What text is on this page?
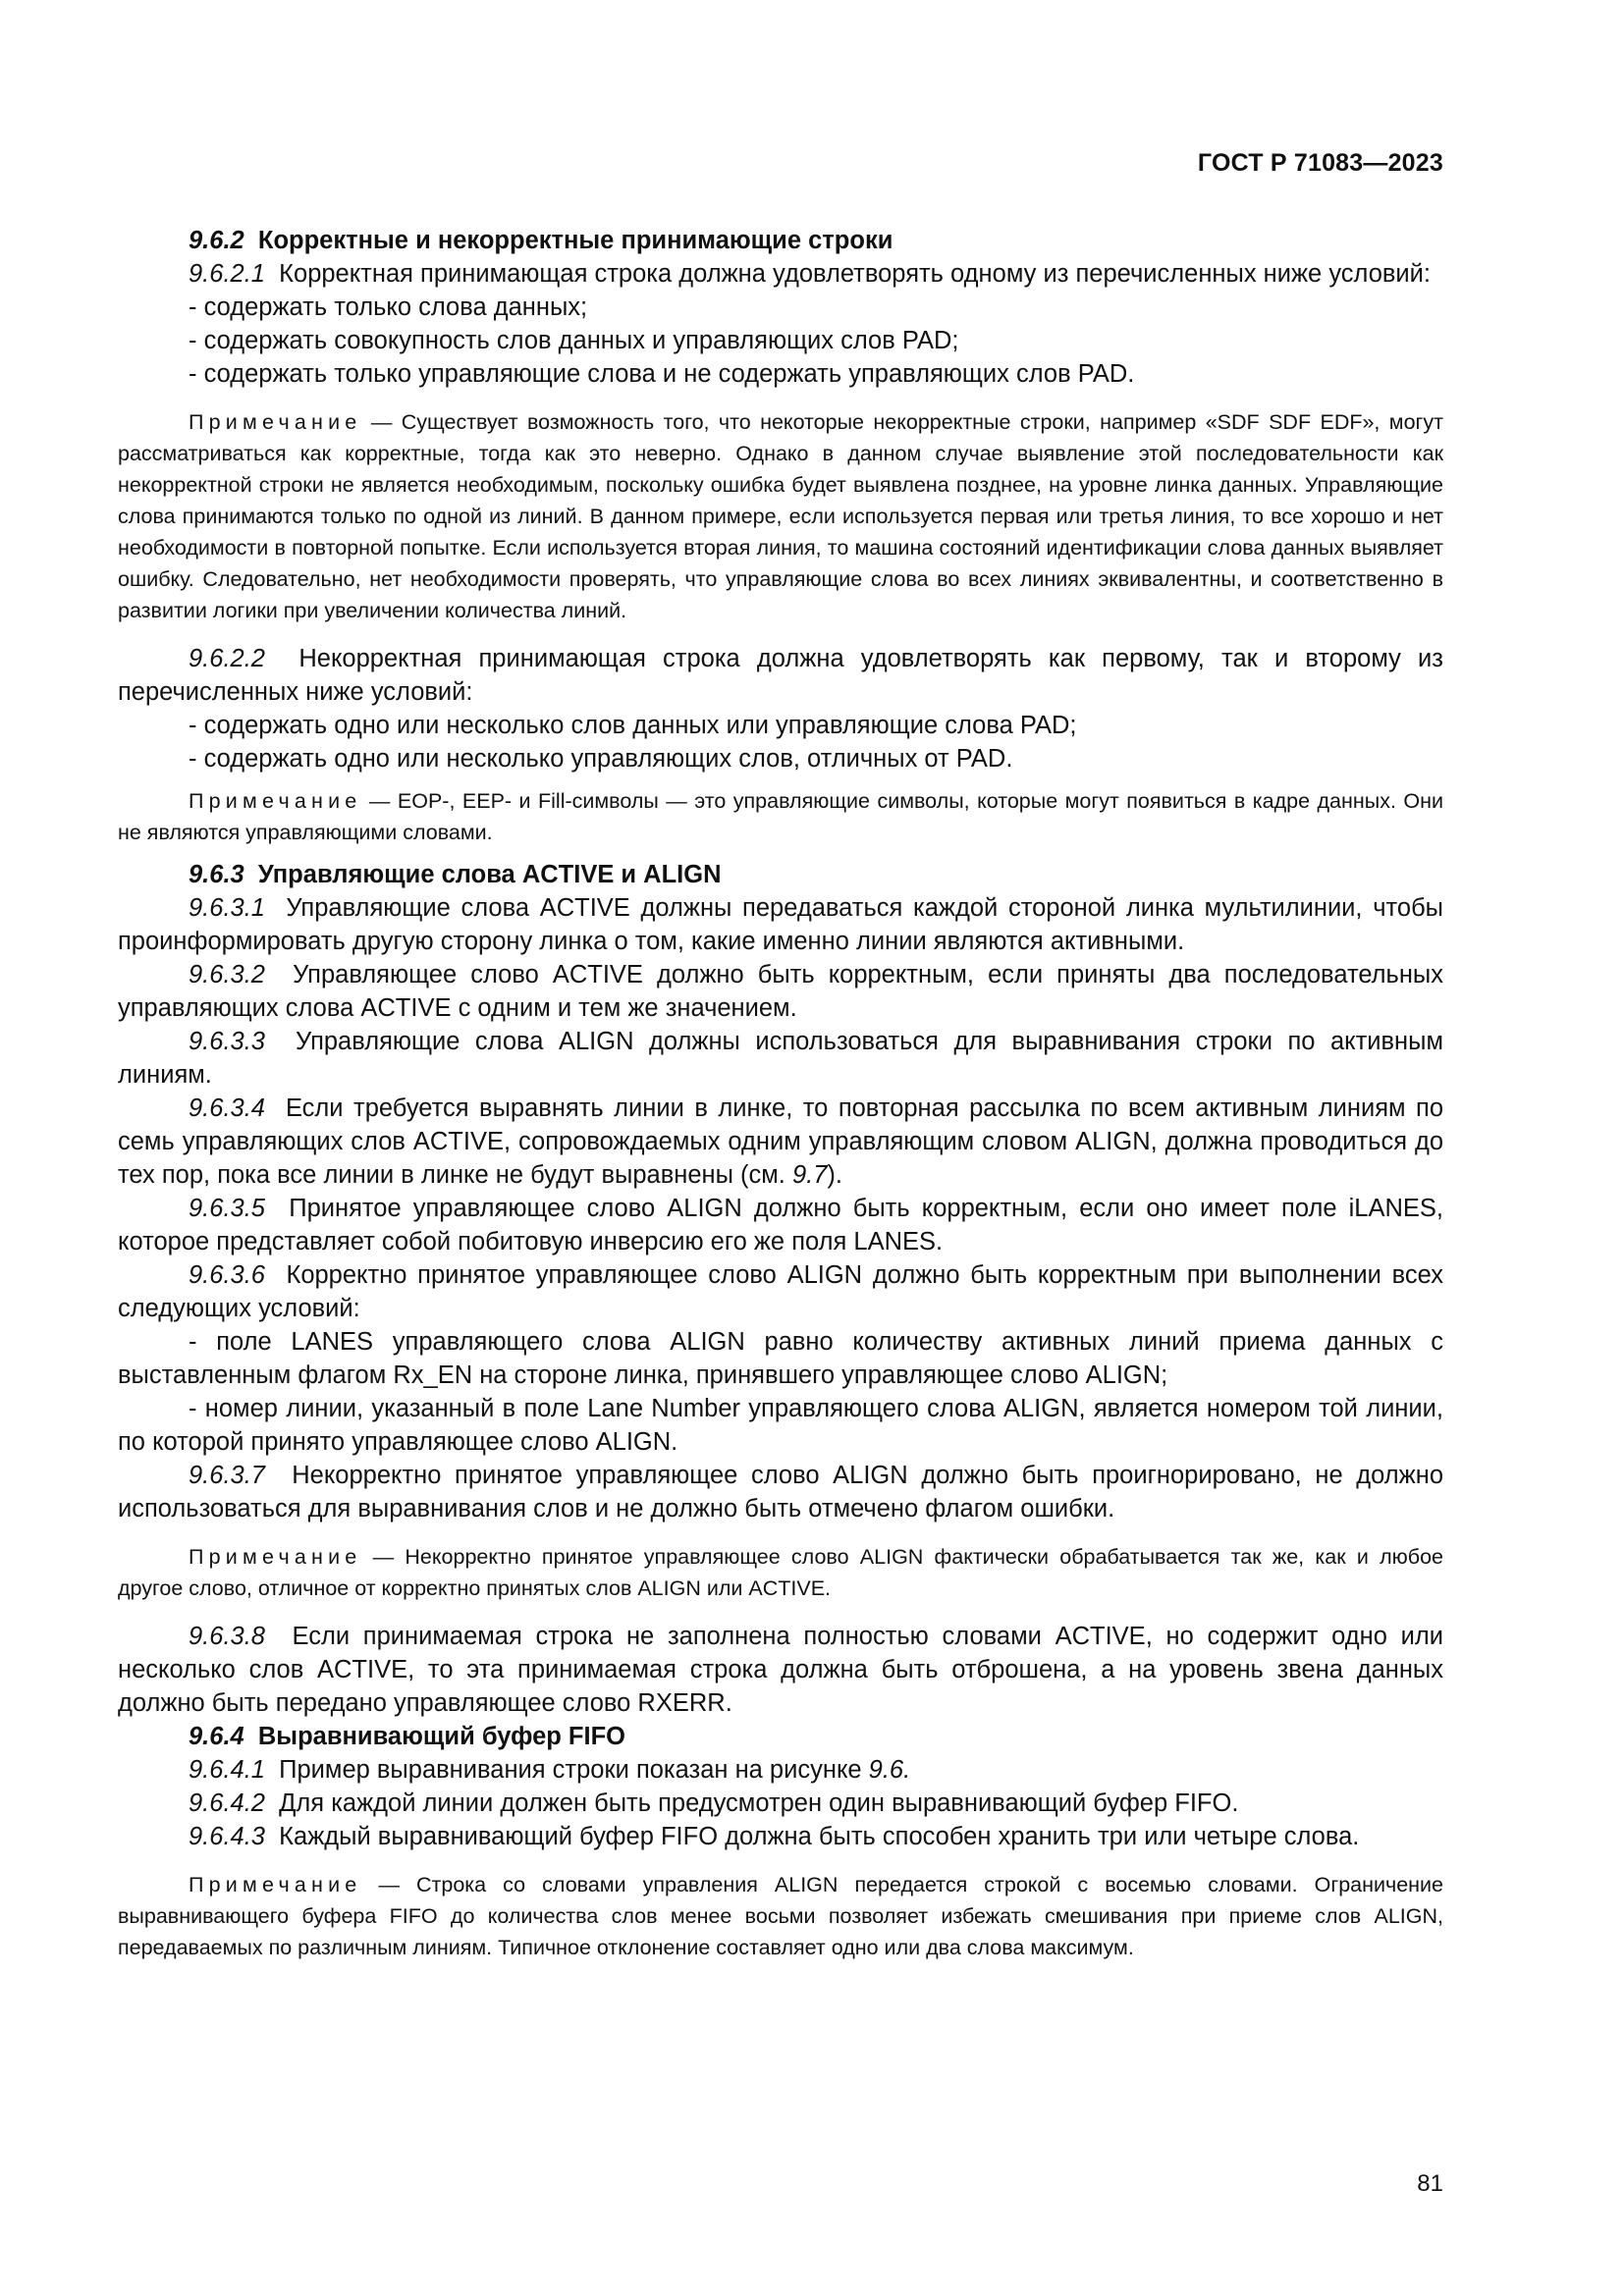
ГОСТ Р 71083—2023

9.6.2 Корректные и некорректные принимающие строки

9.6.2.1 Корректная принимающая строка должна удовлетворять одному из перечисленных ниже условий:

- содержать только слова данных;

- содержать совокупность слов данных и управляющих слов PAD;

- содержать только управляющие слова и не содержать управляющих слов PAD.

Примечание — Существует возможность того, что некоторые некорректные строки, например «SDF SDF EDF», могут рассматриваться как корректные, тогда как это неверно. Однако в данном случае выявление этой последовательности как некорректной строки не является необходимым, поскольку ошибка будет выявлена позднее, на уровне линка данных. Управляющие слова принимаются только по одной из линий. В данном примере, если используется первая или третья линия, то все хорошо и нет необходимости в повторной попытке. Если используется вторая линия, то машина состояний идентификации слова данных выявляет ошибку. Следовательно, нет необходимости проверять, что управляющие слова во всех линиях эквивалентны, и соответственно в развитии логики при увеличении количества линий.

9.6.2.2 Некорректная принимающая строка должна удовлетворять как первому, так и второму из перечисленных ниже условий:

- содержать одно или несколько слов данных или управляющие слова PAD;

- содержать одно или несколько управляющих слов, отличных от PAD.

Примечание — EOP-, EEP- и Fill-символы — это управляющие символы, которые могут появиться в кадре данных. Они не являются управляющими словами.

9.6.3 Управляющие слова ACTIVE и ALIGN

9.6.3.1 Управляющие слова ACTIVE должны передаваться каждой стороной линка мультилинии, чтобы проинформировать другую сторону линка о том, какие именно линии являются активными.

9.6.3.2 Управляющее слово ACTIVE должно быть корректным, если приняты два последовательных управляющих слова ACTIVE с одним и тем же значением.

9.6.3.3 Управляющие слова ALIGN должны использоваться для выравнивания строки по активным линиям.

9.6.3.4 Если требуется выравнять линии в линке, то повторная рассылка по всем активным линиям по семь управляющих слов ACTIVE, сопровождаемых одним управляющим словом ALIGN, должна проводиться до тех пор, пока все линии в линке не будут выравнены (см. 9.7).

9.6.3.5 Принятое управляющее слово ALIGN должно быть корректным, если оно имеет поле iLANES, которое представляет собой побитовую инверсию его же поля LANES.

9.6.3.6 Корректно принятое управляющее слово ALIGN должно быть корректным при выполнении всех следующих условий:

- поле LANES управляющего слова ALIGN равно количеству активных линий приема данных с выставленным флагом Rx_EN на стороне линка, принявшего управляющее слово ALIGN;

- номер линии, указанный в поле Lane Number управляющего слова ALIGN, является номером той линии, по которой принято управляющее слово ALIGN.

9.6.3.7 Некорректно принятое управляющее слово ALIGN должно быть проигнорировано, не должно использоваться для выравнивания слов и не должно быть отмечено флагом ошибки.

Примечание — Некорректно принятое управляющее слово ALIGN фактически обрабатывается так же, как и любое другое слово, отличное от корректно принятых слов ALIGN или ACTIVE.

9.6.3.8 Если принимаемая строка не заполнена полностью словами ACTIVE, но содержит одно или несколько слов ACTIVE, то эта принимаемая строка должна быть отброшена, а на уровень звена данных должно быть передано управляющее слово RXERR.

9.6.4 Выравнивающий буфер FIFO

9.6.4.1 Пример выравнивания строки показан на рисунке 9.6.

9.6.4.2 Для каждой линии должен быть предусмотрен один выравнивающий буфер FIFO.

9.6.4.3 Каждый выравнивающий буфер FIFO должна быть способен хранить три или четыре слова.

Примечание — Строка со словами управления ALIGN передается строкой с восемью словами. Ограничение выравнивающего буфера FIFO до количества слов менее восьми позволяет избежать смешивания при приеме слов ALIGN, передаваемых по различным линиям. Типичное отклонение составляет одно или два слова максимум.

81
